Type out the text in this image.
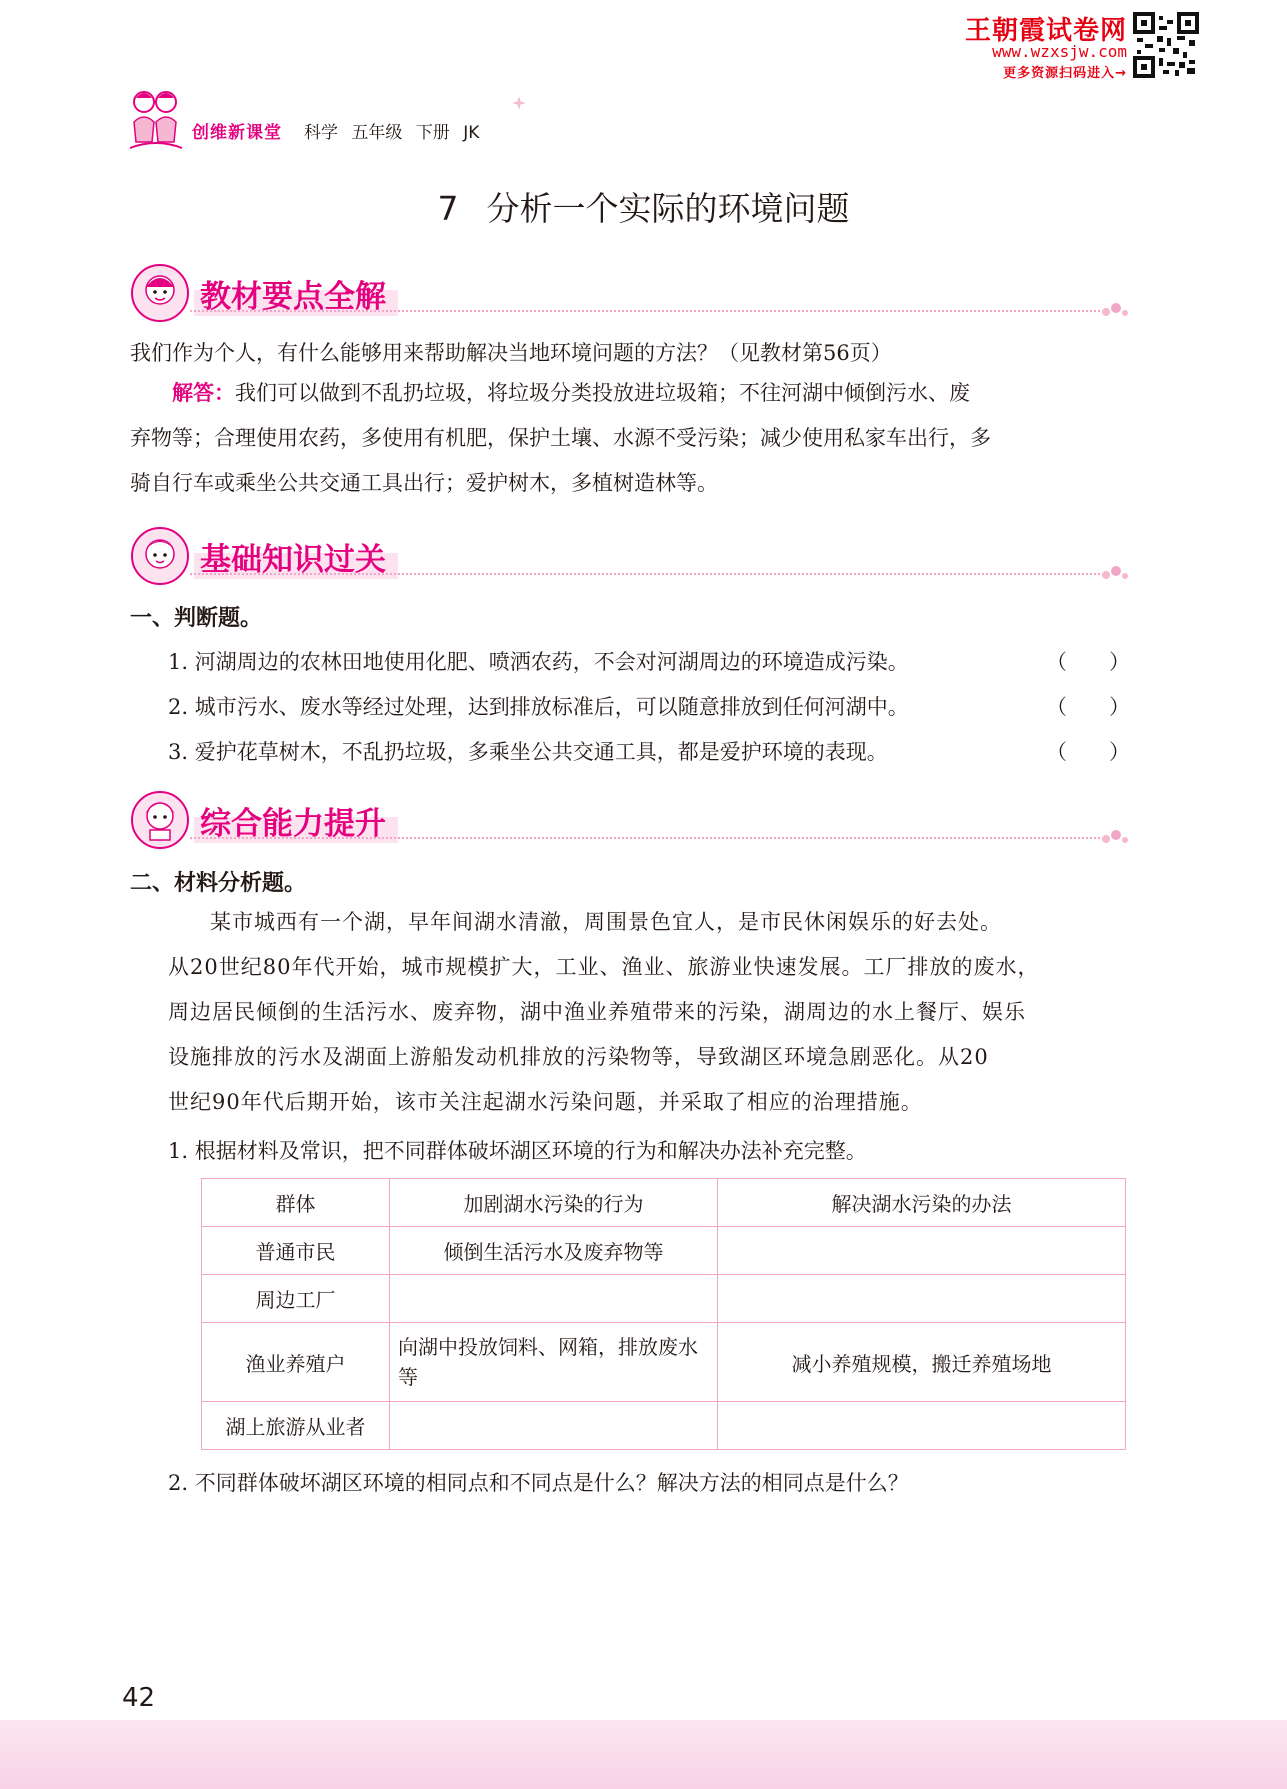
创维新课堂 科学 五年级 下册 JK
王朝霞试卷网
www.wzxsjw.com
更多资源扫码进入→
7 分析一个实际的环境问题
教材要点全解
我们作为个人，有什么能够用来帮助解决当地环境问题的方法？（见教材第56页）
解答：我们可以做到不乱扔垃圾，将垃圾分类投放进垃圾箱；不往河湖中倾倒污水、废
弃物等；合理使用农药，多使用有机肥，保护土壤、水源不受污染；减少使用私家车出行，多
骑自行车或乘坐公共交通工具出行；爱护树木，多植树造林等。
基础知识过关
一、判断题。
1. 河湖周边的农林田地使用化肥、喷洒农药，不会对河湖周边的环境造成污染。	（　　）
2. 城市污水、废水等经过处理，达到排放标准后，可以随意排放到任何河湖中。	（　　）
3. 爱护花草树木，不乱扔垃圾，多乘坐公共交通工具，都是爱护环境的表现。	（　　）
综合能力提升
二、材料分析题。
某市城西有一个湖，早年间湖水清澈，周围景色宜人，是市民休闲娱乐的好去处。
从20世纪80年代开始，城市规模扩大，工业、渔业、旅游业快速发展。工厂排放的废水，
周边居民倾倒的生活污水、废弃物，湖中渔业养殖带来的污染，湖周边的水上餐厅、娱乐
设施排放的污水及湖面上游船发动机排放的污染物等，导致湖区环境急剧恶化。从20
世纪90年代后期开始，该市关注起湖水污染问题，并采取了相应的治理措施。
1. 根据材料及常识，把不同群体破坏湖区环境的行为和解决办法补充完整。
群体	加剧湖水污染的行为	解决湖水污染的办法
普通市民	倾倒生活污水及废弃物等	
周边工厂		
渔业养殖户	向湖中投放饲料、网箱，排放废水等	减小养殖规模，搬迁养殖场地
湖上旅游从业者		
2. 不同群体破坏湖区环境的相同点和不同点是什么？解决方法的相同点是什么？
42
